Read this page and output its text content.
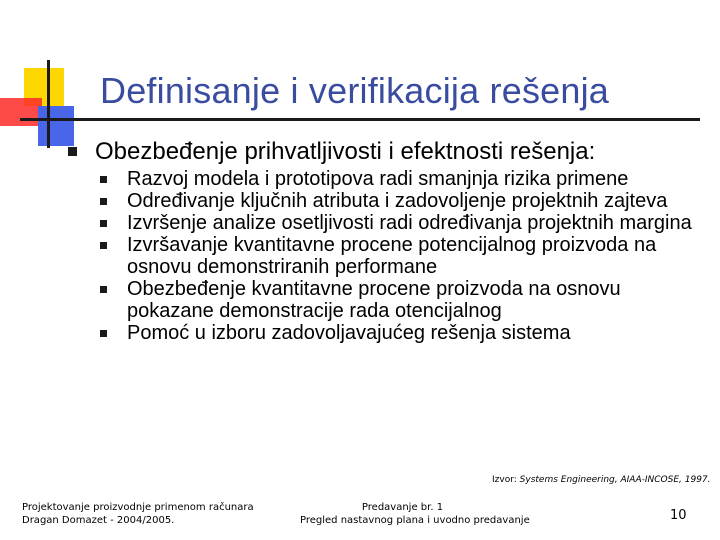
Definisanje i verifikacija rešenja
Obezbeđenje prihvatljivosti i efektnosti rešenja:
Razvoj modela i prototipova radi smanjnja rizika primene
Određivanje ključnih atributa i zadovoljenje projektnih zajteva
Izvršenje analize osetljivosti radi određivanja projektnih margina
Izvršavanje kvantitavne procene potencijalnog proizvoda na osnovu demonstriranih performane
Obezbeđenje kvantitavne procene proizvoda na osnovu pokazane demonstracije rada otencijalnog
Pomoć u izboru zadovoljavajućeg rešenja sistema
Izvor: Systems Engineering, AIAA-INCOSE, 1997.
Projektovanje proizvodnje primenom računara
Dragan Domazet - 2004/2005.
Predavanje br. 1
Pregled nastavnog plana i uvodno predavanje	10
